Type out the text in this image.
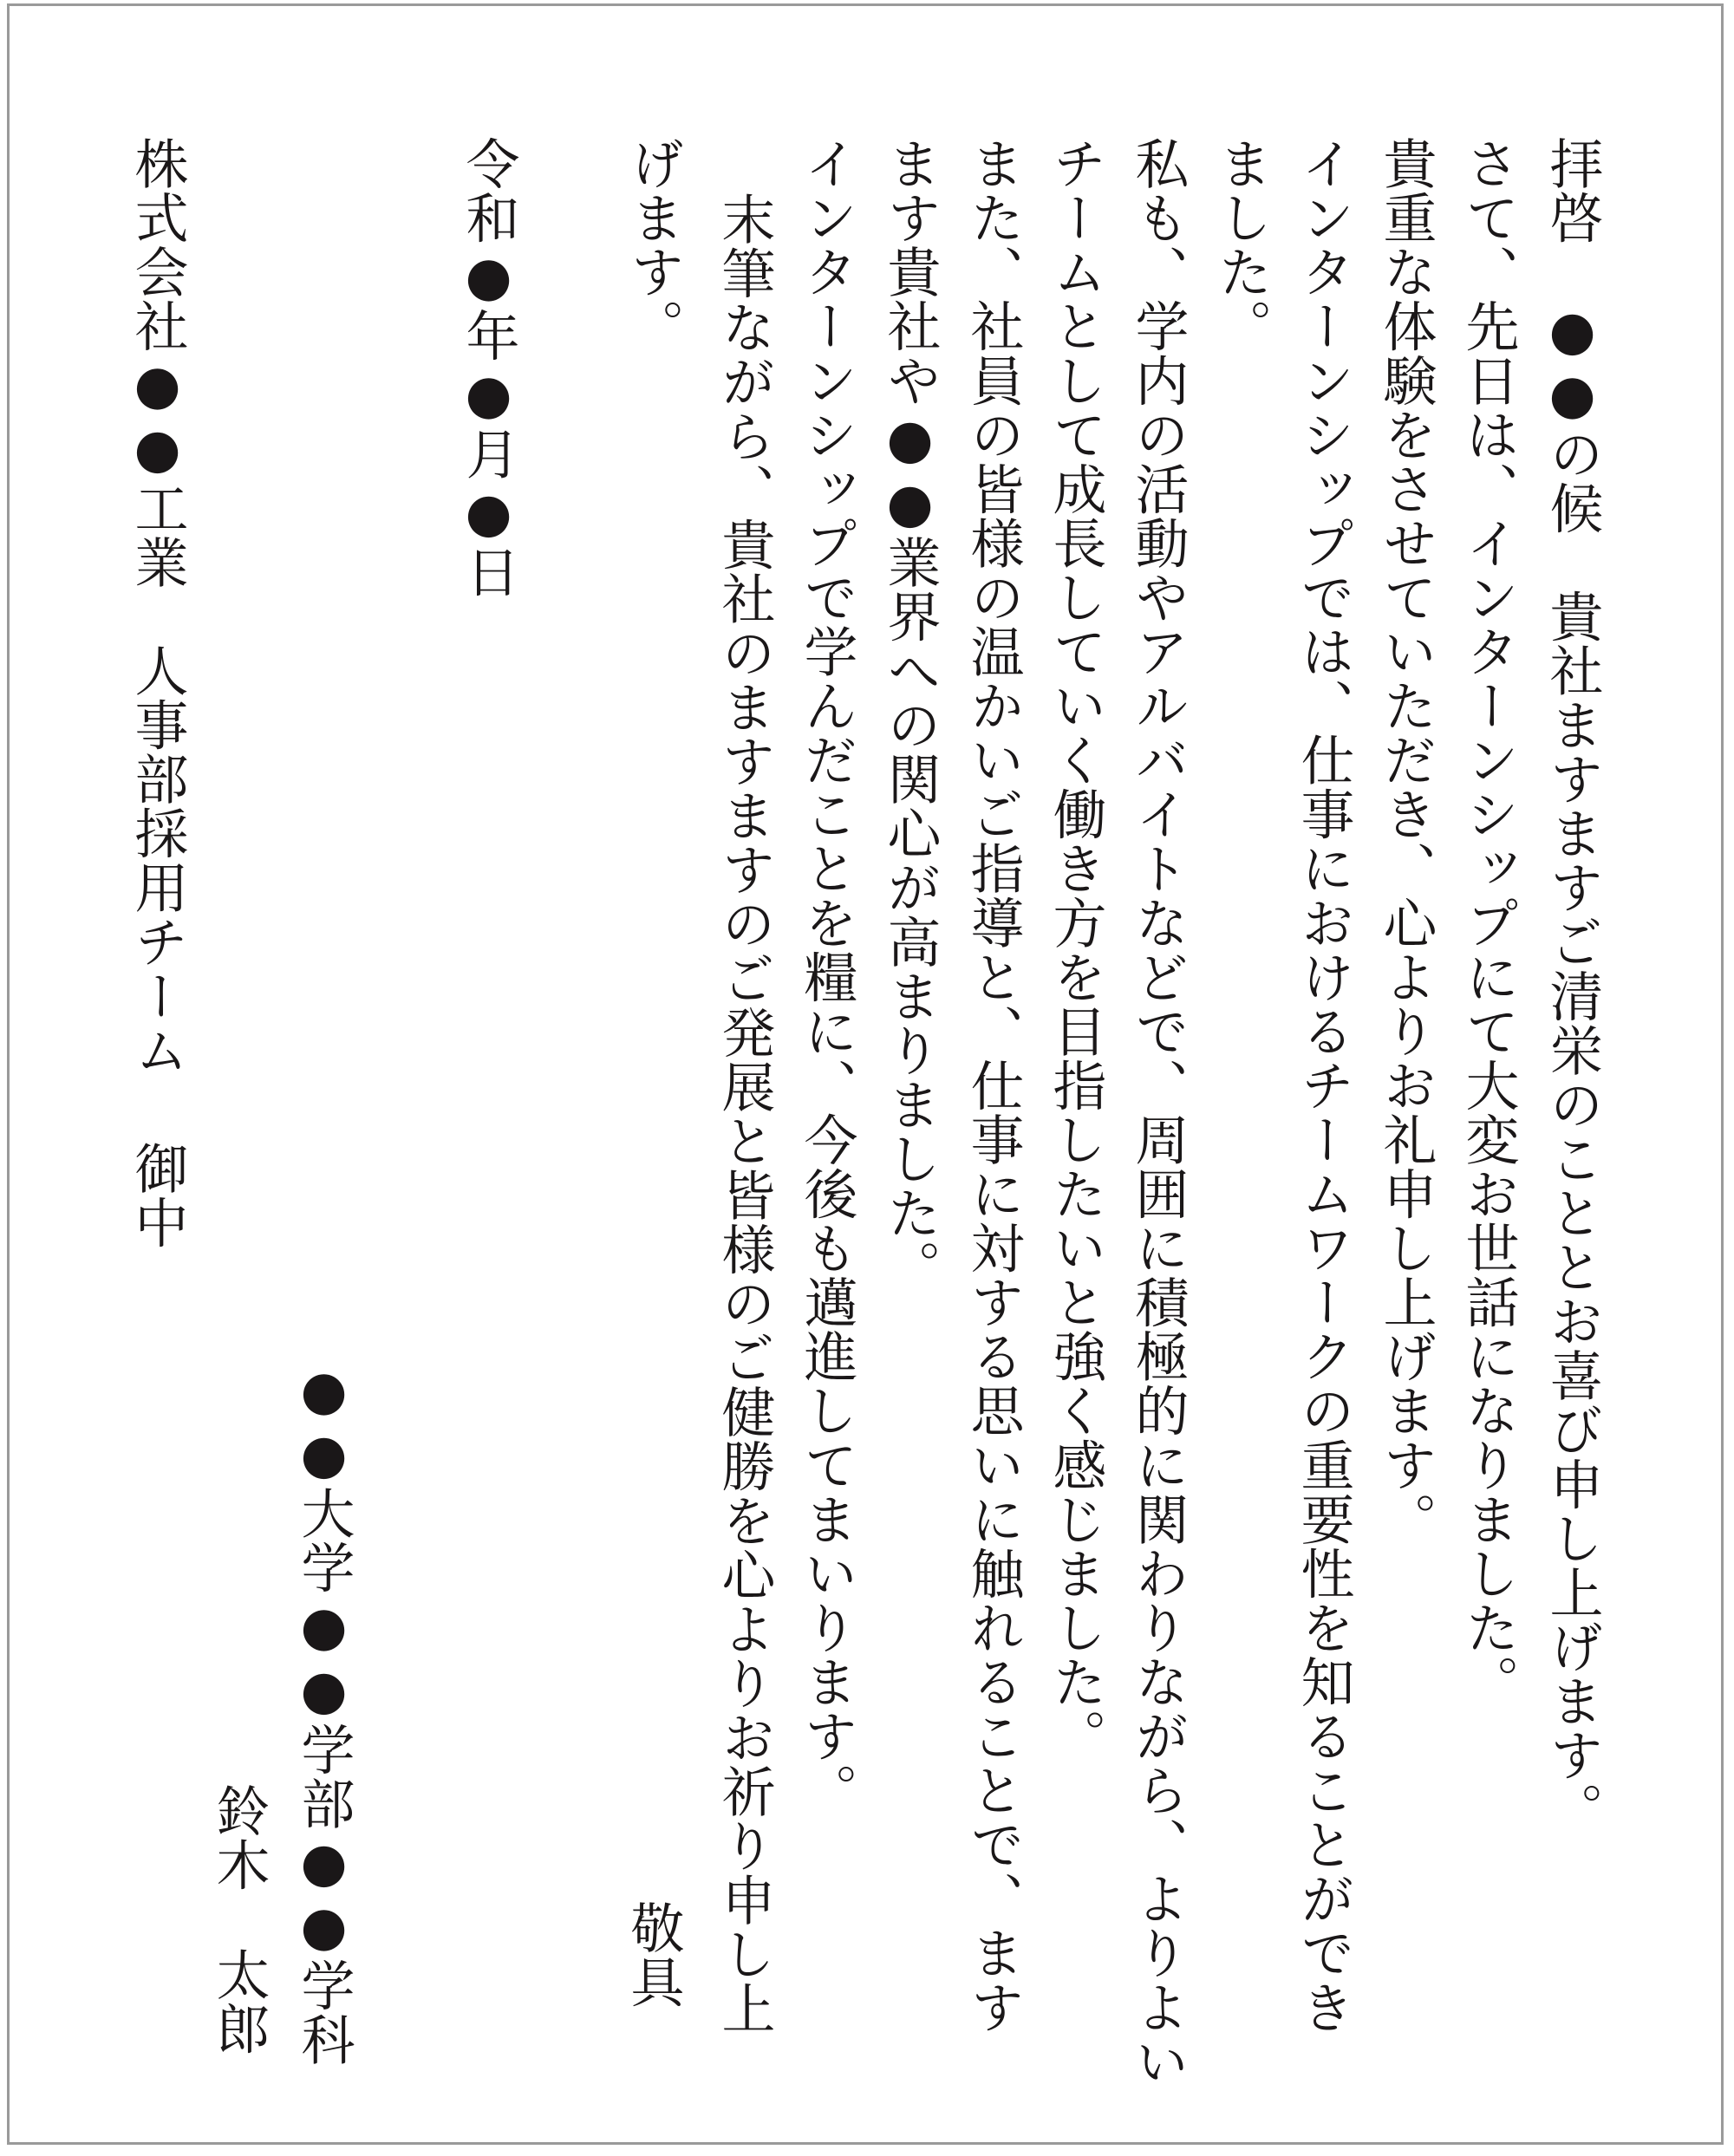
拝啓　●●の候　貴社ますますご清栄のこととお喜び申し上げます。
さて、先日は、インターンシップにて大変お世話になりました。
貴重な体験をさせていただき、心よりお礼申し上げます。
インターンシップでは、仕事におけるチームワークの重要性を知ることができ
ました。
私も、学内の活動やアルバイトなどで、周囲に積極的に関わりながら、よりよい
チームとして成長していく働き方を目指したいと強く感じました。
また、社員の皆様の温かいご指導と、仕事に対する思いに触れることで、ます
ます貴社や●●業界への関心が高まりました。
インターンシップで学んだことを糧に、今後も邁進してまいります。
末筆ながら、貴社のますますのご発展と皆様のご健勝を心よりお祈り申し上
げます。
敬具
令和●年●月●日
●●大学●●学部●●学科
鈴木太郎
株式会社●●工業　人事部採用チーム 御中
